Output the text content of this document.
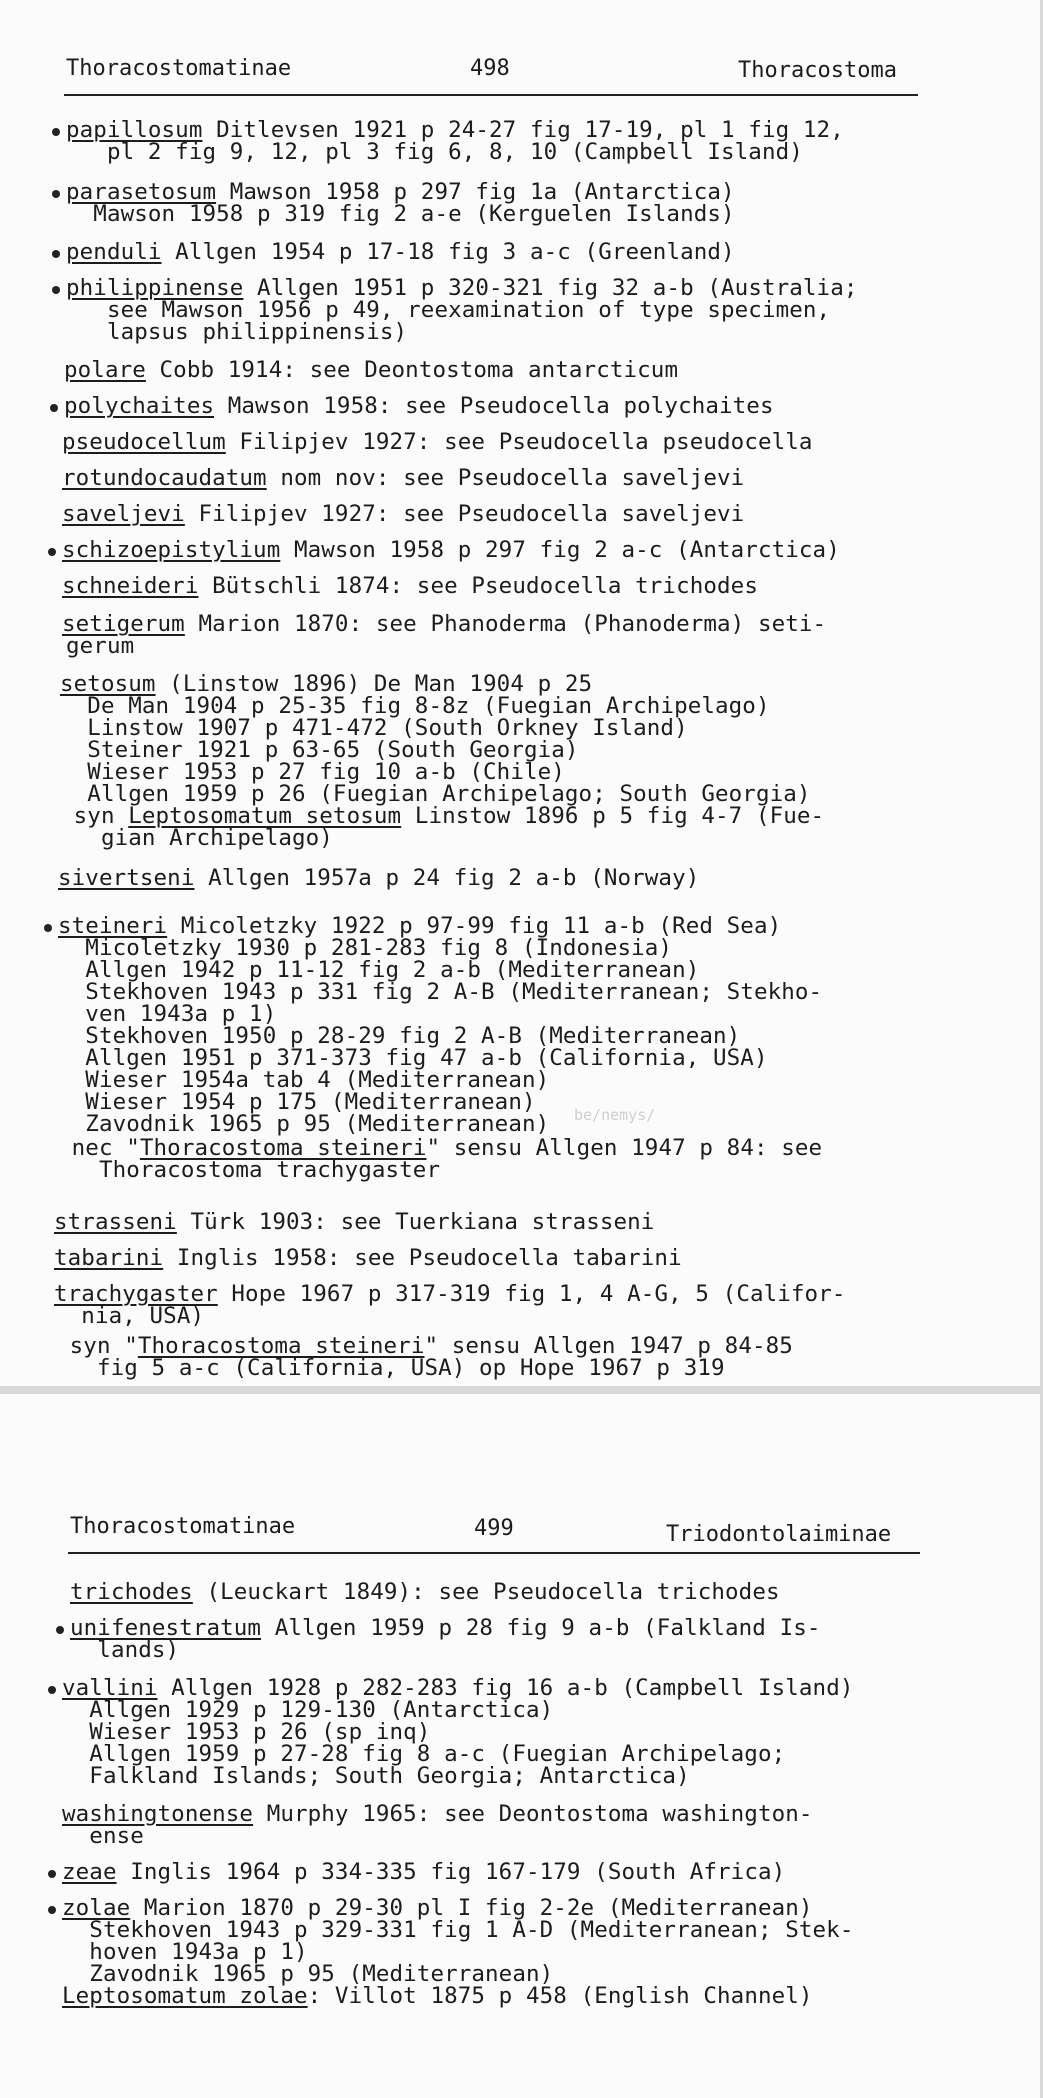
Thoracostomatinae	498	Thoracostoma
papillosum Ditlevsen 1921 p 24-27 fig 17-19, pl 1 fig 12,
pl 2 fig 9, 12, pl 3 fig 6, 8, 10 (Campbell Island)
parasetosum Mawson 1958 p 297 fig 1a (Antarctica)
Mawson 1958 p 319 fig 2 a-e (Kerguelen Islands)
penduli Allgen 1954 p 17-18 fig 3 a-c (Greenland)
philippinense Allgen 1951 p 320-321 fig 32 a-b (Australia;
see Mawson 1956 p 49, reexamination of type specimen,
lapsus philippinensis)
polare Cobb 1914: see Deontostoma antarcticum
polychaites Mawson 1958: see Pseudocella polychaites
pseudocellum Filipjev 1927: see Pseudocella pseudocella
rotundocaudatum nom nov: see Pseudocella saveljevi
saveljevi Filipjev 1927: see Pseudocella saveljevi
schizoepistylium Mawson 1958 p 297 fig 2 a-c (Antarctica)
schneideri Bütschli 1874: see Pseudocella trichodes
setigerum Marion 1870: see Phanoderma (Phanoderma) seti-
gerum
setosum (Linstow 1896) De Man 1904 p 25
De Man 1904 p 25-35 fig 8-8z (Fuegian Archipelago)
Linstow 1907 p 471-472 (South Orkney Island)
Steiner 1921 p 63-65 (South Georgia)
Wieser 1953 p 27 fig 10 a-b (Chile)
Allgen 1959 p 26 (Fuegian Archipelago; South Georgia)
syn Leptosomatum setosum Linstow 1896 p 5 fig 4-7 (Fue-
gian Archipelago)
sivertseni Allgen 1957a p 24 fig 2 a-b (Norway)
steineri Micoletzky 1922 p 97-99 fig 11 a-b (Red Sea)
Micoletzky 1930 p 281-283 fig 8 (Indonesia)
Allgen 1942 p 11-12 fig 2 a-b (Mediterranean)
Stekhoven 1943 p 331 fig 2 A-B (Mediterranean; Stekho-
ven 1943a p 1)
Stekhoven 1950 p 28-29 fig 2 A-B (Mediterranean)
Allgen 1951 p 371-373 fig 47 a-b (California, USA)
Wieser 1954a tab 4 (Mediterranean)
Wieser 1954 p 175 (Mediterranean)
Zavodnik 1965 p 95 (Mediterranean)
nec "Thoracostoma steineri" sensu Allgen 1947 p 84: see
Thoracostoma trachygaster
strasseni Türk 1903: see Tuerkiana strasseni
tabarini Inglis 1958: see Pseudocella tabarini
trachygaster Hope 1967 p 317-319 fig 1, 4 A-G, 5 (Califor-
nia, USA)
syn "Thoracostoma steineri" sensu Allgen 1947 p 84-85
fig 5 a-c (California, USA) op Hope 1967 p 319
be/nemys/
Thoracostomatinae	499	Triodontolaiminae
trichodes (Leuckart 1849): see Pseudocella trichodes
unifenestratum Allgen 1959 p 28 fig 9 a-b (Falkland Is-
lands)
vallini Allgen 1928 p 282-283 fig 16 a-b (Campbell Island)
Allgen 1929 p 129-130 (Antarctica)
Wieser 1953 p 26 (sp inq)
Allgen 1959 p 27-28 fig 8 a-c (Fuegian Archipelago;
Falkland Islands; South Georgia; Antarctica)
washingtonense Murphy 1965: see Deontostoma washington-
ense
zeae Inglis 1964 p 334-335 fig 167-179 (South Africa)
zolae Marion 1870 p 29-30 pl I fig 2-2e (Mediterranean)
Stekhoven 1943 p 329-331 fig 1 A-D (Mediterranean; Stek-
hoven 1943a p 1)
Zavodnik 1965 p 95 (Mediterranean)
Leptosomatum zolae: Villot 1875 p 458 (English Channel)
